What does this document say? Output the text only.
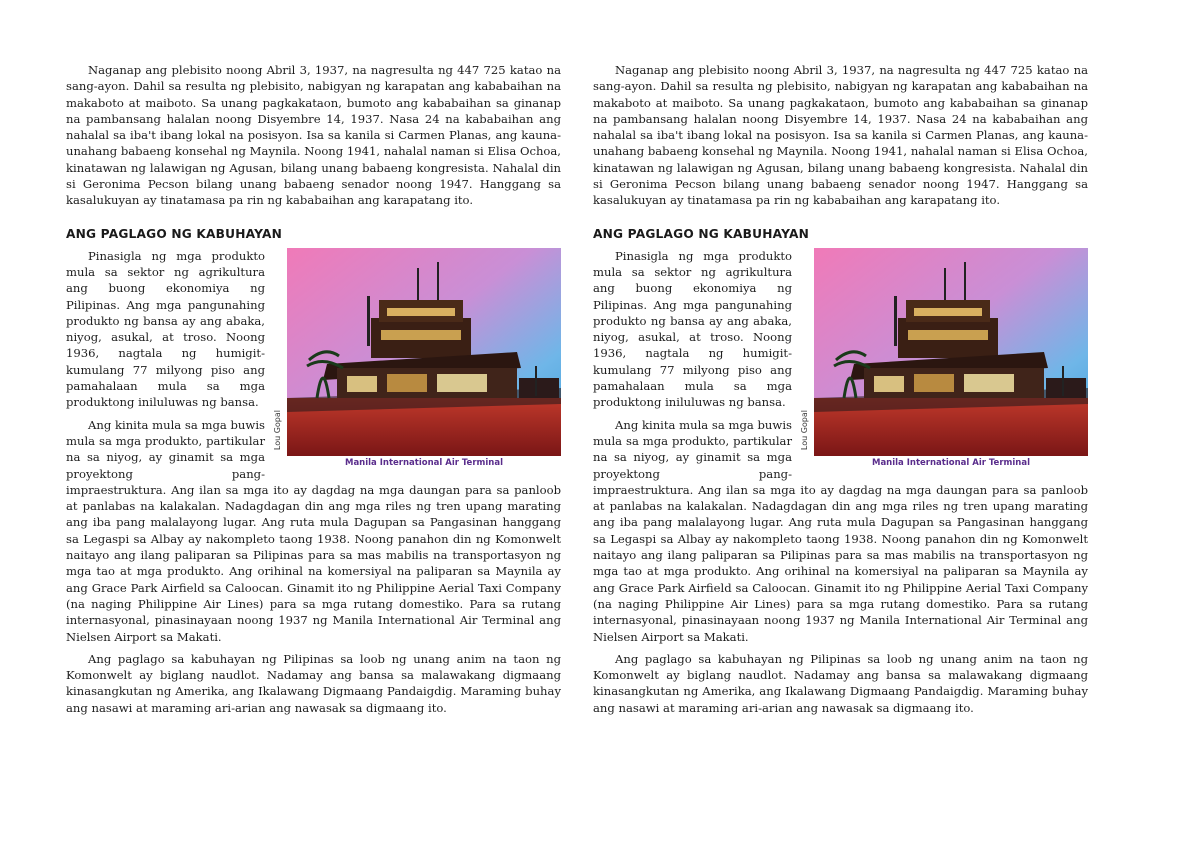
Naganap ang plebisito noong Abril 3, 1937, na nagresulta ng 447 725 katao na sang-ayon. Dahil sa resulta ng plebisito, nabigyan ng karapatan ang kababaihan na makaboto at maiboto. Sa unang pagkakataon, bumoto ang kababaihan sa ginanap na pambansang halalan noong Disyembre 14, 1937. Nasa 24 na kababaihan ang nahalal sa iba't ibang lokal na posisyon. Isa sa kanila si Carmen Planas, ang kauna-unahang babaeng konsehal ng Maynila. Noong 1941, nahalal naman si Elisa Ochoa, kinatawan ng lalawigan ng Agusan, bilang unang babaeng kongresista. Nahalal din si Geronima Pecson bilang unang babaeng senador noong 1947. Hanggang sa kasalukuyan ay tinatamasa pa rin ng kababaihan ang karapatang ito.

ANG PAGLAGO NG KABUHAYAN
Lou Gopal
Manila International Air Terminal

Pinasigla ng mga produkto mula sa sektor ng agrikultura ang buong ekonomiya ng Pilipinas. Ang mga pangunahing produkto ng bansa ay ang abaka, niyog, asukal, at troso. Noong 1936, nagtala ng humigit-kumulang 77 milyong piso ang pamahalaan mula sa mga produktong iniluluwas ng bansa.

Ang kinita mula sa mga buwis mula sa mga produkto, partikular na sa niyog, ay ginamit sa mga proyektong pang-impraestruktura. Ang ilan sa mga ito ay dagdag na mga daungan para sa panloob at panlabas na kalakalan. Nadagdagan din ang mga riles ng tren upang marating ang iba pang malalayong lugar. Ang ruta mula Dagupan sa Pangasinan hanggang sa Legaspi sa Albay ay nakompleto taong 1938. Noong panahon din ng Komonwelt naitayo ang ilang paliparan sa Pilipinas para sa mas mabilis na transportasyon ng mga tao at mga produkto. Ang orihinal na komersiyal na paliparan sa Maynila ay ang Grace Park Airfield sa Caloocan. Ginamit ito ng Philippine Aerial Taxi Company (na naging Philippine Air Lines) para sa mga rutang domestiko. Para sa rutang internasyonal, pinasinayaan noong 1937 ng Manila International Air Terminal ang Nielsen Airport sa Makati.

Ang paglago sa kabuhayan ng Pilipinas sa loob ng unang anim na taon ng Komonwelt ay biglang naudlot. Nadamay ang bansa sa malawakang digmaang kinasangkutan ng Amerika, ang Ikalawang Digmaang Pandaigdig. Maraming buhay ang nasawi at maraming ari-arian ang nawasak sa digmaang ito.

Naganap ang plebisito noong Abril 3, 1937, na nagresulta ng 447 725 katao na sang-ayon. Dahil sa resulta ng plebisito, nabigyan ng karapatan ang kababaihan na makaboto at maiboto. Sa unang pagkakataon, bumoto ang kababaihan sa ginanap na pambansang halalan noong Disyembre 14, 1937. Nasa 24 na kababaihan ang nahalal sa iba't ibang lokal na posisyon. Isa sa kanila si Carmen Planas, ang kauna-unahang babaeng konsehal ng Maynila. Noong 1941, nahalal naman si Elisa Ochoa, kinatawan ng lalawigan ng Agusan, bilang unang babaeng kongresista. Nahalal din si Geronima Pecson bilang unang babaeng senador noong 1947. Hanggang sa kasalukuyan ay tinatamasa pa rin ng kababaihan ang karapatang ito.

ANG PAGLAGO NG KABUHAYAN
Lou Gopal
Manila International Air Terminal

Pinasigla ng mga produkto mula sa sektor ng agrikultura ang buong ekonomiya ng Pilipinas. Ang mga pangunahing produkto ng bansa ay ang abaka, niyog, asukal, at troso. Noong 1936, nagtala ng humigit-kumulang 77 milyong piso ang pamahalaan mula sa mga produktong iniluluwas ng bansa.

Ang kinita mula sa mga buwis mula sa mga produkto, partikular na sa niyog, ay ginamit sa mga proyektong pang-impraestruktura. Ang ilan sa mga ito ay dagdag na mga daungan para sa panloob at panlabas na kalakalan. Nadagdagan din ang mga riles ng tren upang marating ang iba pang malalayong lugar. Ang ruta mula Dagupan sa Pangasinan hanggang sa Legaspi sa Albay ay nakompleto taong 1938. Noong panahon din ng Komonwelt naitayo ang ilang paliparan sa Pilipinas para sa mas mabilis na transportasyon ng mga tao at mga produkto. Ang orihinal na komersiyal na paliparan sa Maynila ay ang Grace Park Airfield sa Caloocan. Ginamit ito ng Philippine Aerial Taxi Company (na naging Philippine Air Lines) para sa mga rutang domestiko. Para sa rutang internasyonal, pinasinayaan noong 1937 ng Manila International Air Terminal ang Nielsen Airport sa Makati.

Ang paglago sa kabuhayan ng Pilipinas sa loob ng unang anim na taon ng Komonwelt ay biglang naudlot. Nadamay ang bansa sa malawakang digmaang kinasangkutan ng Amerika, ang Ikalawang Digmaang Pandaigdig. Maraming buhay ang nasawi at maraming ari-arian ang nawasak sa digmaang ito.
